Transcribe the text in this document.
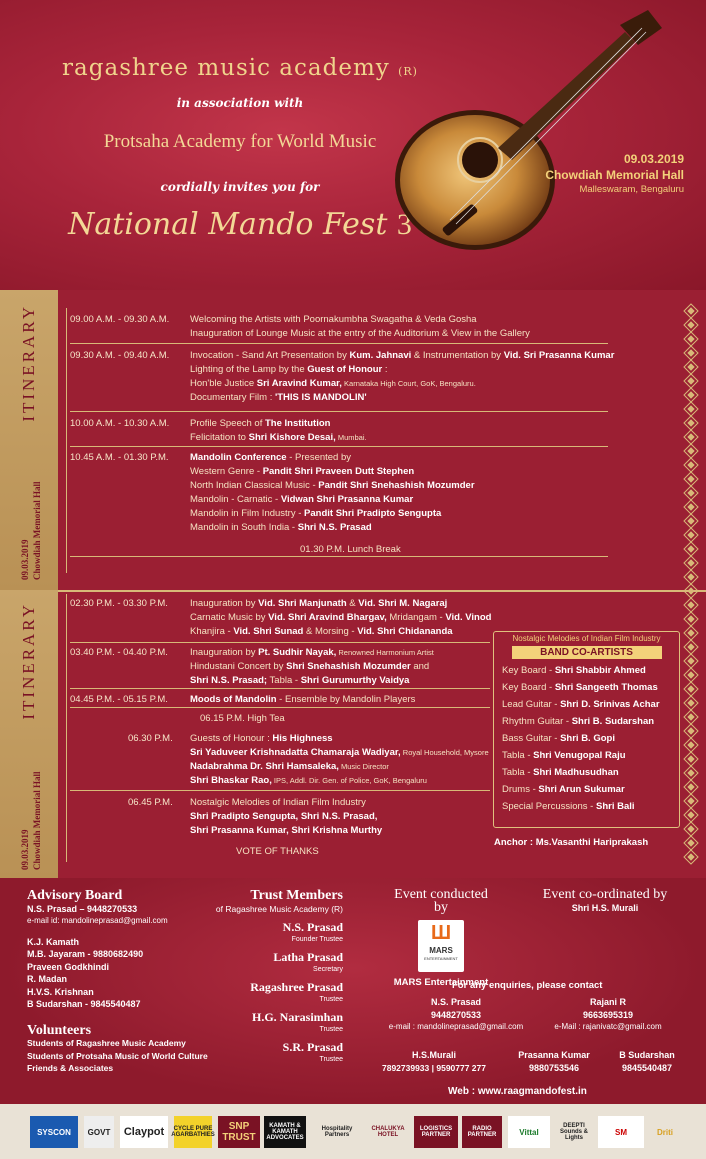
ragashree music academy (R)
in association with
Protsaha Academy for World Music
cordially invites you for
National Mando Fest 3
09.03.2019
Chowdiah Memorial Hall
Malleswaram, Bengaluru
ITINERARY
09.03.2019 Chowdiah Memorial Hall
09.00 A.M. - 09.30 A.M. Welcoming the Artists with Poornakumbha Swagatha & Veda Gosha
Inauguration of Lounge Music at the entry of the Auditorium & View in the Gallery
09.30 A.M. - 09.40 A.M. Invocation - Sand Art Presentation by Kum. Jahnavi & Instrumentation by Vid. Sri Prasanna Kumar
Lighting of the Lamp by the Guest of Honour :
Hon'ble Justice Sri Aravind Kumar, Karnataka High Court, GoK, Bengaluru.
Documentary Film : 'THIS IS MANDOLIN'
10.00 A.M. - 10.30 A.M. Profile Speech of The Institution
Felicitation to Shri Kishore Desai, Mumbai.
10.45 A.M. - 01.30 P.M. Mandolin Conference - Presented by
Western Genre - Pandit Shri Praveen Dutt Stephen
North Indian Classical Music - Pandit Shri Snehashish Mozumder
Mandolin - Carnatic - Vidwan Shri Prasanna Kumar
Mandolin in Film Industry - Pandit Shri Pradipto Sengupta
Mandolin in South India - Shri N.S. Prasad
01.30 P.M. Lunch Break
ITINERARY
09.03.2019 Chowdiah Memorial Hall
02.30 P.M. - 03.30 P.M. Inauguration by Vid. Shri Manjunath & Vid. Shri M. Nagaraj
Carnatic Music by Vid. Shri Aravind Bhargav, Mridangam - Vid. Vinod
Khanjira - Vid. Shri Sunad & Morsing - Vid. Shri Chidananda
03.40 P.M. - 04.40 P.M. Inauguration by Pt. Sudhir Nayak, Renowned Harmonium Artist
Hindustani Concert by Shri Snehashish Mozumder and
Shri N.S. Prasad; Tabla - Shri Gurumurthy Vaidya
04.45 P.M. - 05.15 P.M. Moods of Mandolin - Ensemble by Mandolin Players
06.15 P.M. High Tea
06.30 P.M. Guests of Honour : His Highness
Sri Yaduveer Krishnadatta Chamaraja Wadiyar, Royal Household, Mysore
Nadabrahma Dr. Shri Hamsaleka, Music Director
Shri Bhaskar Rao, IPS, Addl. Dir. Gen. of Police, GoK, Bengaluru
06.45 P.M. Nostalgic Melodies of Indian Film Industry
Shri Pradipto Sengupta, Shri N.S. Prasad,
Shri Prasanna Kumar, Shri Krishna Murthy
VOTE OF THANKS
Nostalgic Melodies of Indian Film Industry
BAND CO-ARTISTS
Key Board - Shri Shabbir Ahmed
Key Board - Shri Sangeeth Thomas
Lead Guitar - Shri D. Srinivas Achar
Rhythm Guitar - Shri B. Sudarshan
Bass Guitar - Shri B. Gopi
Tabla - Shri Venugopal Raju
Tabla - Shri Madhusudhan
Drums - Shri Arun Sukumar
Special Percussions - Shri Bali
Anchor : Ms.Vasanthi Hariprakash
Advisory Board
N.S. Prasad – 9448270533
e-mail id: mandolineprasad@gmail.com
K.J. Kamath
M.B. Jayaram - 9880682490
Praveen Godkhindi
R. Madan
H.V.S. Krishnan
B Sudarshan - 9845540487
Volunteers
Students of Ragashree Music Academy
Students of Protsaha Music of World Culture
Friends & Associates
Trust Members
of Ragashree Music Academy (R)
N.S. Prasad
Founder Trustee
Latha Prasad
Secretary
Ragashree Prasad
Trustee
H.G. Narasimhan
Trustee
S.R. Prasad
Trustee
Event conducted by
Ш
MARS
ENTERTAINMENT
MARS Entertainment
Event co-ordinated by
Shri H.S. Murali
For any enquiries, please contact
N.S. Prasad
9448270533
e-mail : mandolineprasad@gmail.com
Rajani R
9663695319
e-Mail : rajanivatc@gmail.com
H.S.Murali
7892739933 | 9590777 277
Prasanna Kumar
9880753546
B Sudarshan
9845540487
Web : www.raagmandofest.in
SYSCON	GOVT	Claypot	CYCLE PURE AGARBATHIES
SNP TRUST
KAMATH & KAMATH ADVOCATES
Hospitality Partners
CHALUKYA HOTEL
LOGISTICS PARTNER
RADIO PARTNER	Vittal
DEEPTI Sounds & Lights
SM	Driti
